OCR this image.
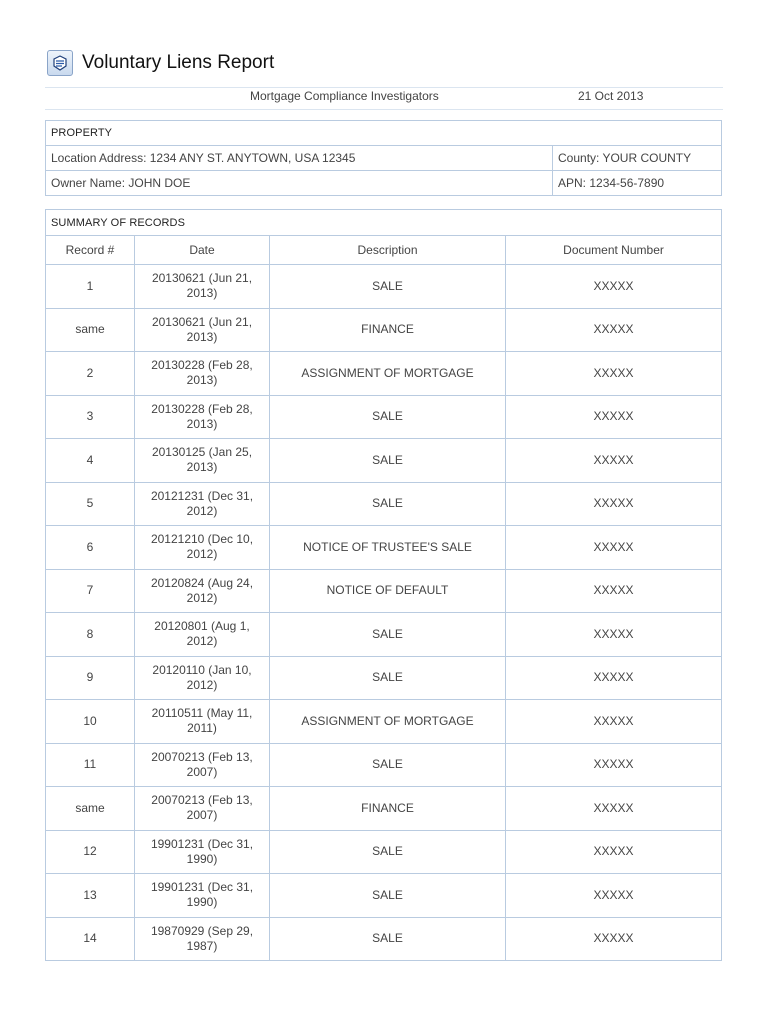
Voluntary Liens Report
Mortgage Compliance Investigators	21 Oct 2013
PROPERTY	
Location Address: 1234 ANY ST. ANYTOWN, USA 12345	County: YOUR COUNTY
Owner Name: JOHN DOE	APN: 1234-56-7890
SUMMARY OF RECORDS			
Record #	Date	Description	Document Number
1	20130621 (Jun 21, 2013)	SALE	XXXXX
same	20130621 (Jun 21, 2013)	FINANCE	XXXXX
2	20130228 (Feb 28, 2013)	ASSIGNMENT OF MORTGAGE	XXXXX
3	20130228 (Feb 28, 2013)	SALE	XXXXX
4	20130125 (Jan 25, 2013)	SALE	XXXXX
5	20121231 (Dec 31, 2012)	SALE	XXXXX
6	20121210 (Dec 10, 2012)	NOTICE OF TRUSTEE'S SALE	XXXXX
7	20120824 (Aug 24, 2012)	NOTICE OF DEFAULT	XXXXX
8	20120801 (Aug 1, 2012)	SALE	XXXXX
9	20120110 (Jan 10, 2012)	SALE	XXXXX
10	20110511 (May 11, 2011)	ASSIGNMENT OF MORTGAGE	XXXXX
11	20070213 (Feb 13, 2007)	SALE	XXXXX
same	20070213 (Feb 13, 2007)	FINANCE	XXXXX
12	19901231 (Dec 31, 1990)	SALE	XXXXX
13	19901231 (Dec 31, 1990)	SALE	XXXXX
14	19870929 (Sep 29, 1987)	SALE	XXXXX
